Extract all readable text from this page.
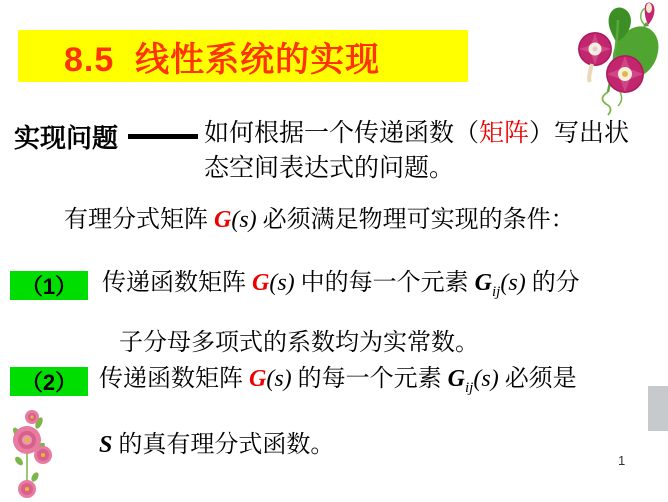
8.5  线性系统的实现
实现问题	如何根据一个传递函数（矩阵）写出状
态空间表达式的问题。
有理分式矩阵 G(s) 必须满足物理可实现的条件：
（1）	传递函数矩阵 G(s) 中的每一个元素 $G_{ij}(s)$ 的分
子分母多项式的系数均为实常数。
（2） 传递函数矩阵 G(s) 的每一个元素 $G_{ij}(s)$ 必须是
S 的真有理分式函数。
1
